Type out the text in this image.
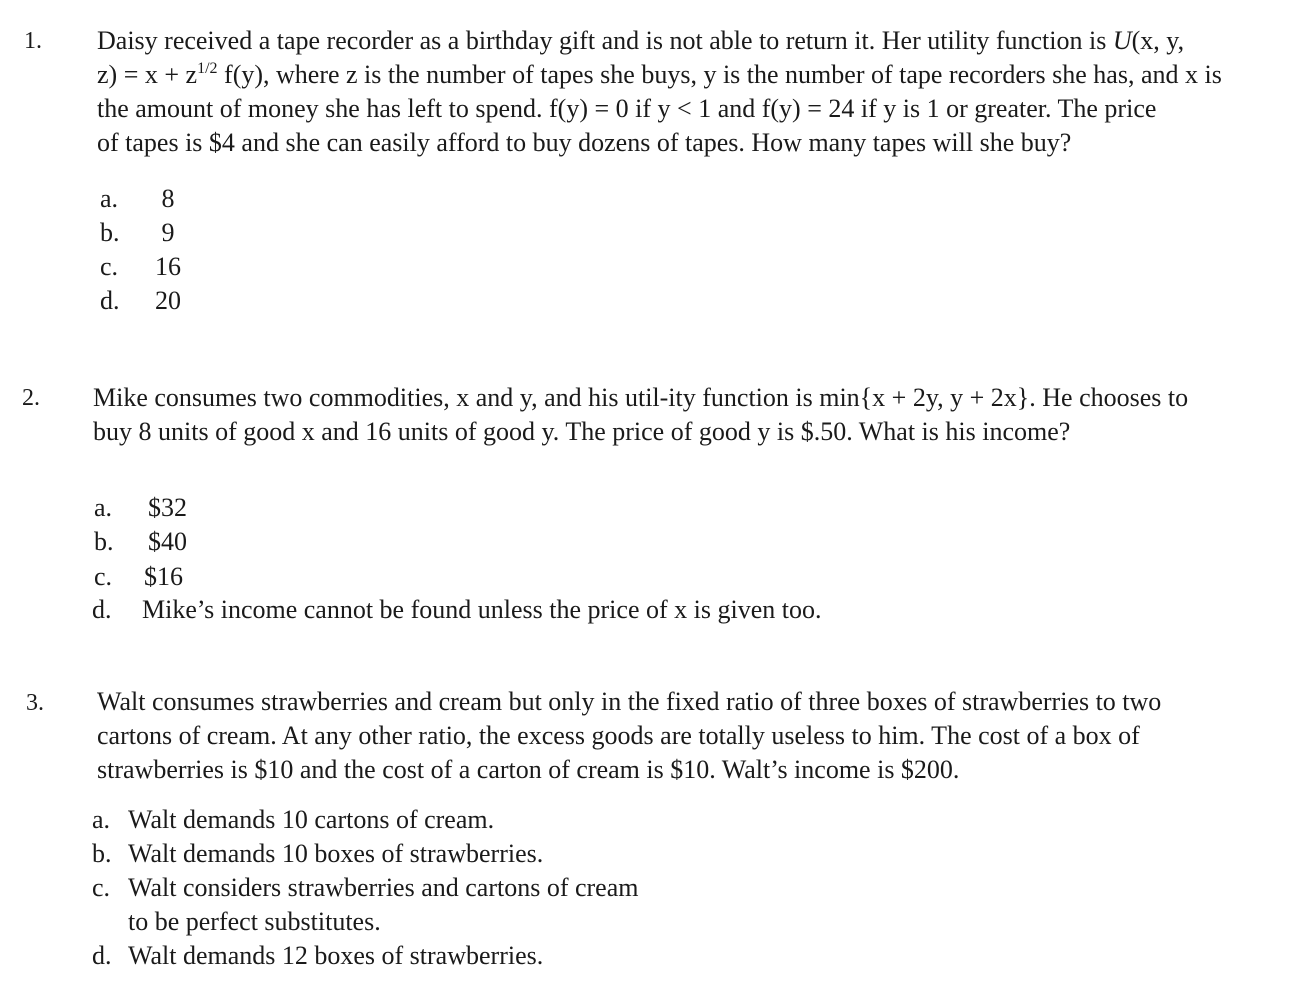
1. Daisy received a tape recorder as a birthday gift and is not able to return it. Her utility function is U(x, y,
$z) = x + z^{1/2}$ f(y), where z is the number of tapes she buys, y is the number of tape recorders she has, and x is
the amount of money she has left to spend. f(y) = 0 if y < 1 and f(y) = 24 if y is 1 or greater. The price
of tapes is $4 and she can easily afford to buy dozens of tapes. How many tapes will she buy?
a.	8
b.	9
c. 16
d. 20
2. Mike consumes two commodities, x and y, and his util-ity function is min{x + 2y, y + 2x}. He chooses to
buy 8 units of good x and 16 units of good y. The price of good y is $.50. What is his income?
a. $32
b. $40
c. $16
d. Mike’s income cannot be found unless the price of x is given too.
3. Walt consumes strawberries and cream but only in the fixed ratio of three boxes of strawberries to two
cartons of cream. At any other ratio, the excess goods are totally useless to him. The cost of a box of
strawberries is $10 and the cost of a carton of cream is $10. Walt’s income is $200.
a. Walt demands 10 cartons of cream.
b. Walt demands 10 boxes of strawberries.
c. Walt considers strawberries and cartons of cream
to be perfect substitutes.
d. Walt demands 12 boxes of strawberries.
